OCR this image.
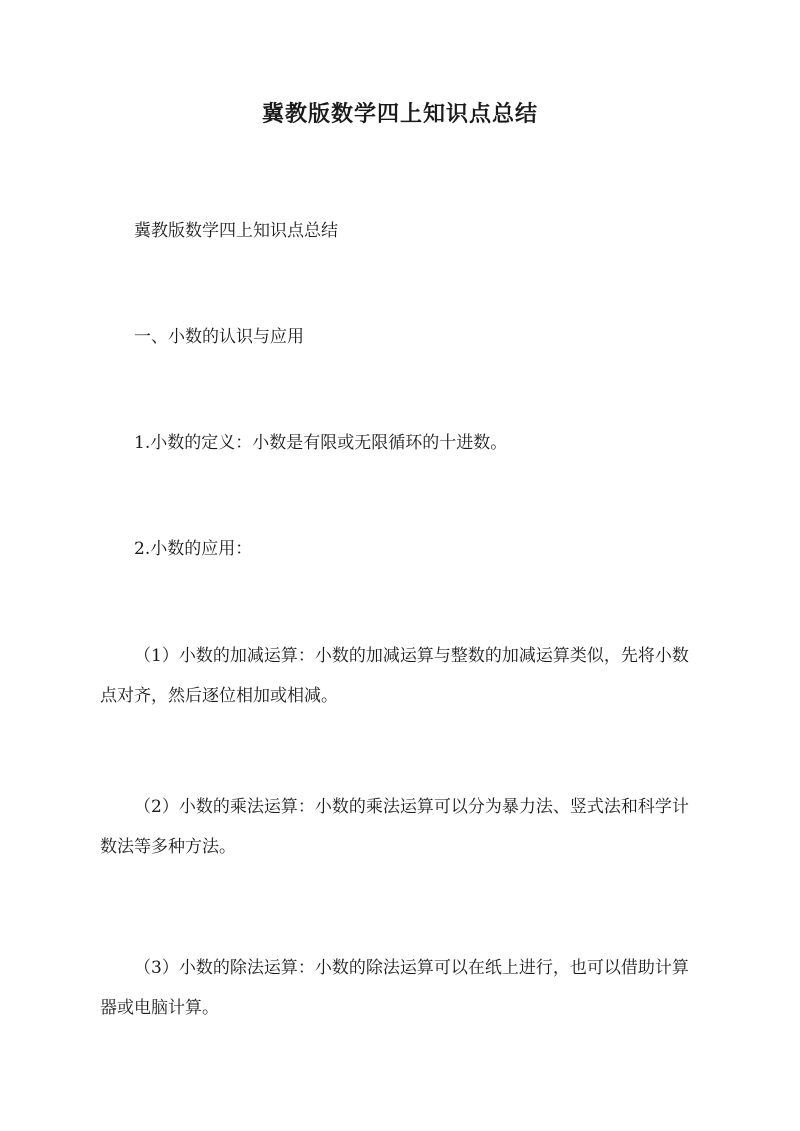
冀教版数学四上知识点总结

冀教版数学四上知识点总结

一、小数的认识与应用

1.小数的定义：小数是有限或无限循环的十进数。

2.小数的应用：

（1）小数的加减运算：小数的加减运算与整数的加减运算类似，先将小数点对齐，然后逐位相加或相减。

（2）小数的乘法运算：小数的乘法运算可以分为暴力法、竖式法和科学计数法等多种方法。

（3）小数的除法运算：小数的除法运算可以在纸上进行，也可以借助计算器或电脑计算。
